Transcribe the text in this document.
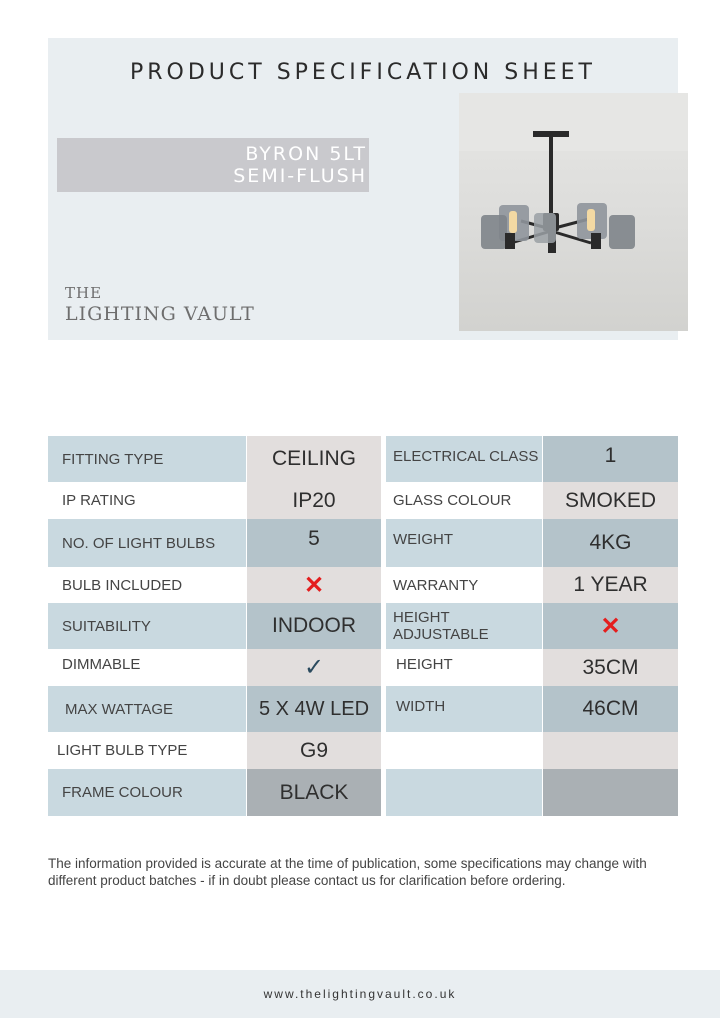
PRODUCT SPECIFICATION SHEET
BYRON 5LT
SEMI-FLUSH
THE
LIGHTING VAULT
FITTING TYPE	CEILING	ELECTRICAL CLASS	1
IP RATING	IP20	GLASS COLOUR	SMOKED
NO. OF LIGHT BULBS	5	WEIGHT	4KG
BULB INCLUDED	✕	WARRANTY	1 YEAR
SUITABILITY	INDOOR	HEIGHT ADJUSTABLE	✕
DIMMABLE	✓	HEIGHT	35CM
MAX WATTAGE	5 X 4W LED	WIDTH	46CM
LIGHT BULB TYPE	G9
FRAME COLOUR	BLACK
The information provided is accurate at the time of publication, some specifications may change with different product batches - if in doubt please contact us for clarification before ordering.
www.thelightingvault.co.uk
